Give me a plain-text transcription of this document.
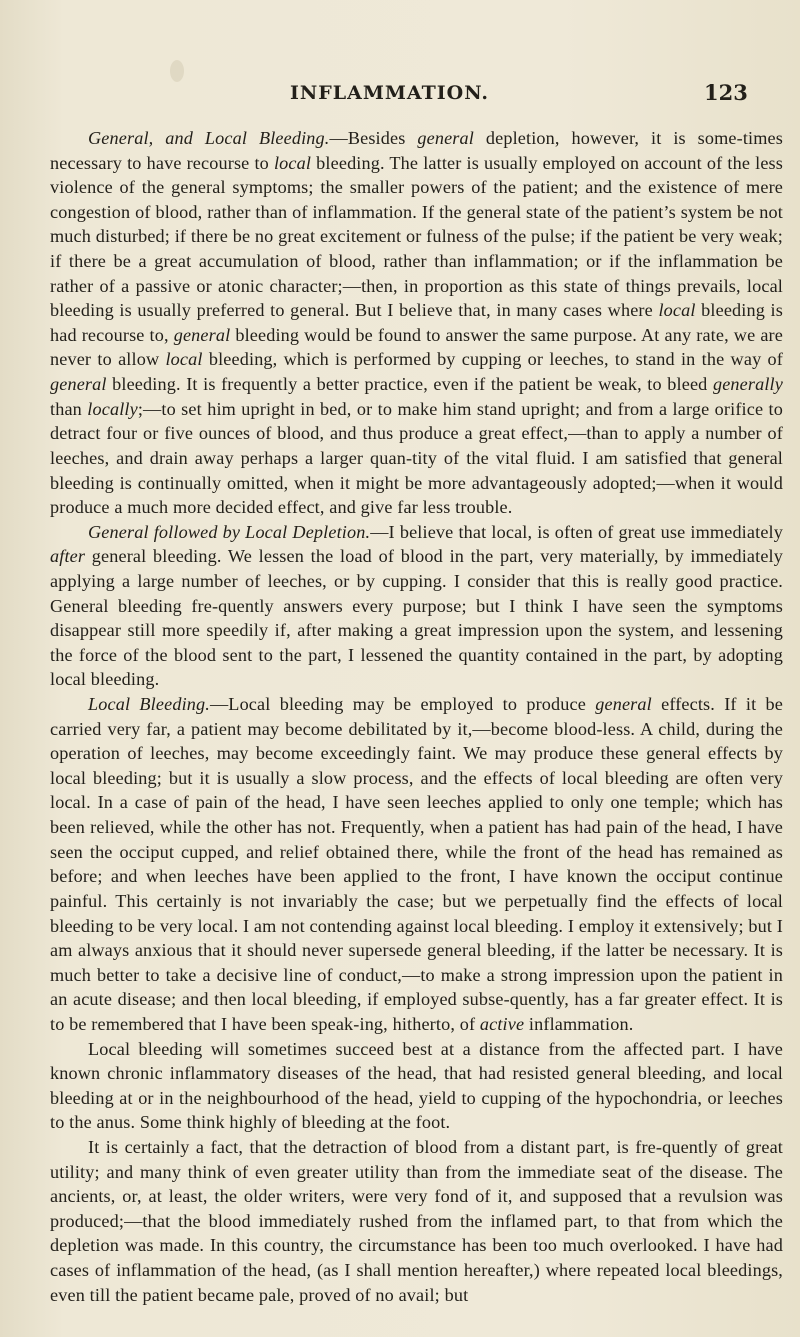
INFLAMMATION.	123

General, and Local Bleeding.—Besides general depletion, however, it is some-times necessary to have recourse to local bleeding. The latter is usually employed on account of the less violence of the general symptoms; the smaller powers of the patient; and the existence of mere congestion of blood, rather than of inflammation. If the general state of the patient’s system be not much disturbed; if there be no great excitement or fulness of the pulse; if the patient be very weak; if there be a great accumulation of blood, rather than inflammation; or if the inflammation be rather of a passive or atonic character;—then, in proportion as this state of things prevails, local bleeding is usually preferred to general. But I believe that, in many cases where local bleeding is had recourse to, general bleeding would be found to answer the same purpose. At any rate, we are never to allow local bleeding, which is performed by cupping or leeches, to stand in the way of general bleeding. It is frequently a better practice, even if the patient be weak, to bleed generally than locally;—to set him upright in bed, or to make him stand upright; and from a large orifice to detract four or five ounces of blood, and thus produce a great effect,—than to apply a number of leeches, and drain away perhaps a larger quan-tity of the vital fluid. I am satisfied that general bleeding is continually omitted, when it might be more advantageously adopted;—when it would produce a much more decided effect, and give far less trouble.

General followed by Local Depletion.—I believe that local, is often of great use immediately after general bleeding. We lessen the load of blood in the part, very materially, by immediately applying a large number of leeches, or by cupping. I consider that this is really good practice. General bleeding fre-quently answers every purpose; but I think I have seen the symptoms disappear still more speedily if, after making a great impression upon the system, and lessening the force of the blood sent to the part, I lessened the quantity contained in the part, by adopting local bleeding.

Local Bleeding.—Local bleeding may be employed to produce general effects. If it be carried very far, a patient may become debilitated by it,—become blood-less. A child, during the operation of leeches, may become exceedingly faint. We may produce these general effects by local bleeding; but it is usually a slow process, and the effects of local bleeding are often very local. In a case of pain of the head, I have seen leeches applied to only one temple; which has been relieved, while the other has not. Frequently, when a patient has had pain of the head, I have seen the occiput cupped, and relief obtained there, while the front of the head has remained as before; and when leeches have been applied to the front, I have known the occiput continue painful. This certainly is not invariably the case; but we perpetually find the effects of local bleeding to be very local. I am not contending against local bleeding. I employ it extensively; but I am always anxious that it should never supersede general bleeding, if the latter be necessary. It is much better to take a decisive line of conduct,—to make a strong impression upon the patient in an acute disease; and then local bleeding, if employed subse-quently, has a far greater effect. It is to be remembered that I have been speak-ing, hitherto, of active inflammation.

Local bleeding will sometimes succeed best at a distance from the affected part. I have known chronic inflammatory diseases of the head, that had resisted general bleeding, and local bleeding at or in the neighbourhood of the head, yield to cupping of the hypochondria, or leeches to the anus. Some think highly of bleeding at the foot.

It is certainly a fact, that the detraction of blood from a distant part, is fre-quently of great utility; and many think of even greater utility than from the immediate seat of the disease. The ancients, or, at least, the older writers, were very fond of it, and supposed that a revulsion was produced;—that the blood immediately rushed from the inflamed part, to that from which the depletion was made. In this country, the circumstance has been too much overlooked. I have had cases of inflammation of the head, (as I shall mention hereafter,) where repeated local bleedings, even till the patient became pale, proved of no avail; but
